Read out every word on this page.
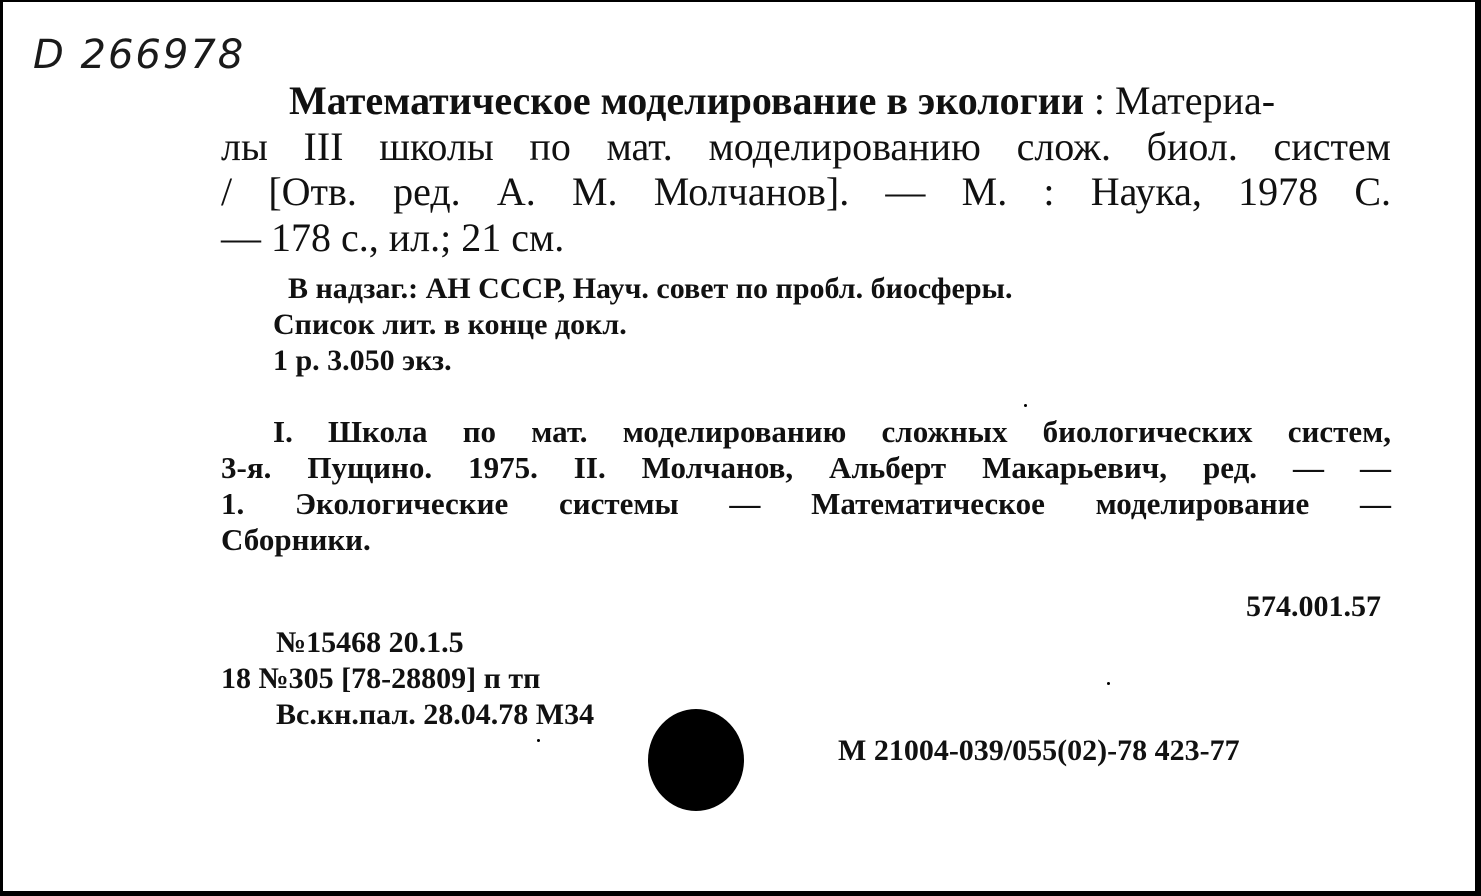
D 266978
Математическое моделирование в экологии : Материа-
лы III школы по мат. моделированию слож. биол. систем
/ [Отв. ред. А. М. Молчанов]. — М. : Наука, 1978 С.
— 178 с., ил.; 21 см.
В надзаг.: АН СССР, Науч. совет по пробл. биосферы.
Список лит. в конце докл.
1 р. 3.050 экз.
I. Школа по мат. моделированию сложных биологических систем,
3-я. Пущино. 1975. II. Молчанов, Альберт Макарьевич, ред. — —
1. Экологические системы — Математическое моделирование —
Сборники.
574.001.57
№15468 20.1.5
18 №305 [78-28809] п тп
Вс.кн.пал. 28.04.78 М34
М 21004-039/055(02)-78 423-77
